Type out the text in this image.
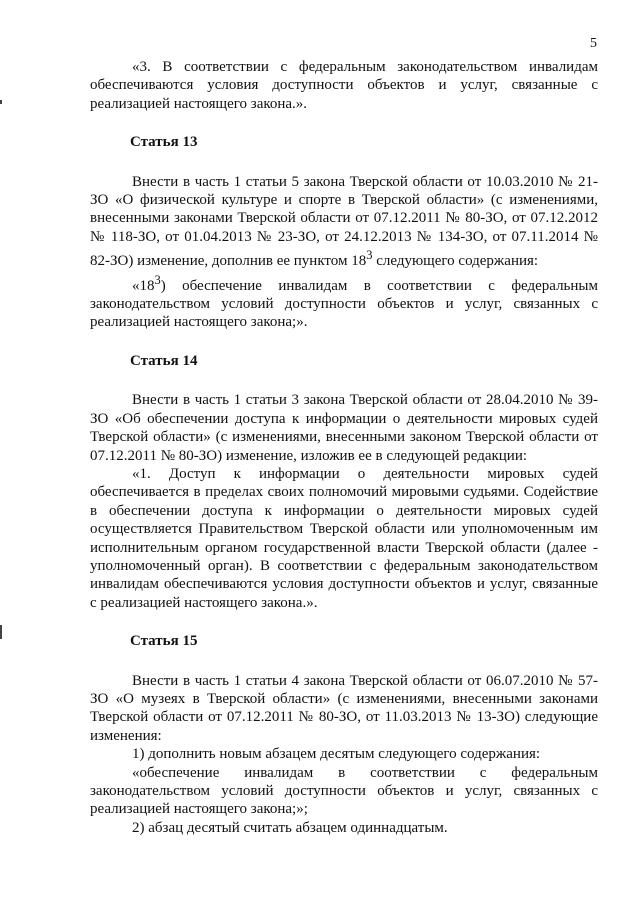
5

«3. В соответствии с федеральным законодательством инвалидам обеспечиваются условия доступности объектов и услуг, связанные с реализацией настоящего закона.».

Статья 13

Внести в часть 1 статьи 5 закона Тверской области от 10.03.2010 № 21-ЗО «О физической культуре и спорте в Тверской области» (с изменениями, внесенными законами Тверской области от 07.12.2011 № 80-ЗО, от 07.12.2012 № 118-ЗО, от 01.04.2013 № 23-ЗО, от 24.12.2013 № 134-ЗО, от 07.11.2014 № 82-ЗО) изменение, дополнив ее пунктом $18^3$ следующего содержания:

«$18^3$) обеспечение инвалидам в соответствии с федеральным законодательством условий доступности объектов и услуг, связанных с реализацией настоящего закона;».

Статья 14

Внести в часть 1 статьи 3 закона Тверской области от 28.04.2010 № 39-ЗО «Об обеспечении доступа к информации о деятельности мировых судей Тверской области» (с изменениями, внесенными законом Тверской области от 07.12.2011 № 80-ЗО) изменение, изложив ее в следующей редакции:

«1. Доступ к информации о деятельности мировых судей обеспечивается в пределах своих полномочий мировыми судьями. Содействие в обеспечении доступа к информации о деятельности мировых судей осуществляется Правительством Тверской области или уполномоченным им исполнительным органом государственной власти Тверской области (далее - уполномоченный орган). В соответствии с федеральным законодательством инвалидам обеспечиваются условия доступности объектов и услуг, связанные с реализацией настоящего закона.».

Статья 15

Внести в часть 1 статьи 4 закона Тверской области от 06.07.2010 № 57-ЗО «О музеях в Тверской области» (с изменениями, внесенными законами Тверской области от 07.12.2011 № 80-ЗО, от 11.03.2013 № 13-ЗО) следующие изменения:

1) дополнить новым абзацем десятым следующего содержания:

«обеспечение инвалидам в соответствии с федеральным законодательством условий доступности объектов и услуг, связанных с реализацией настоящего закона;»;

2) абзац десятый считать абзацем одиннадцатым.
